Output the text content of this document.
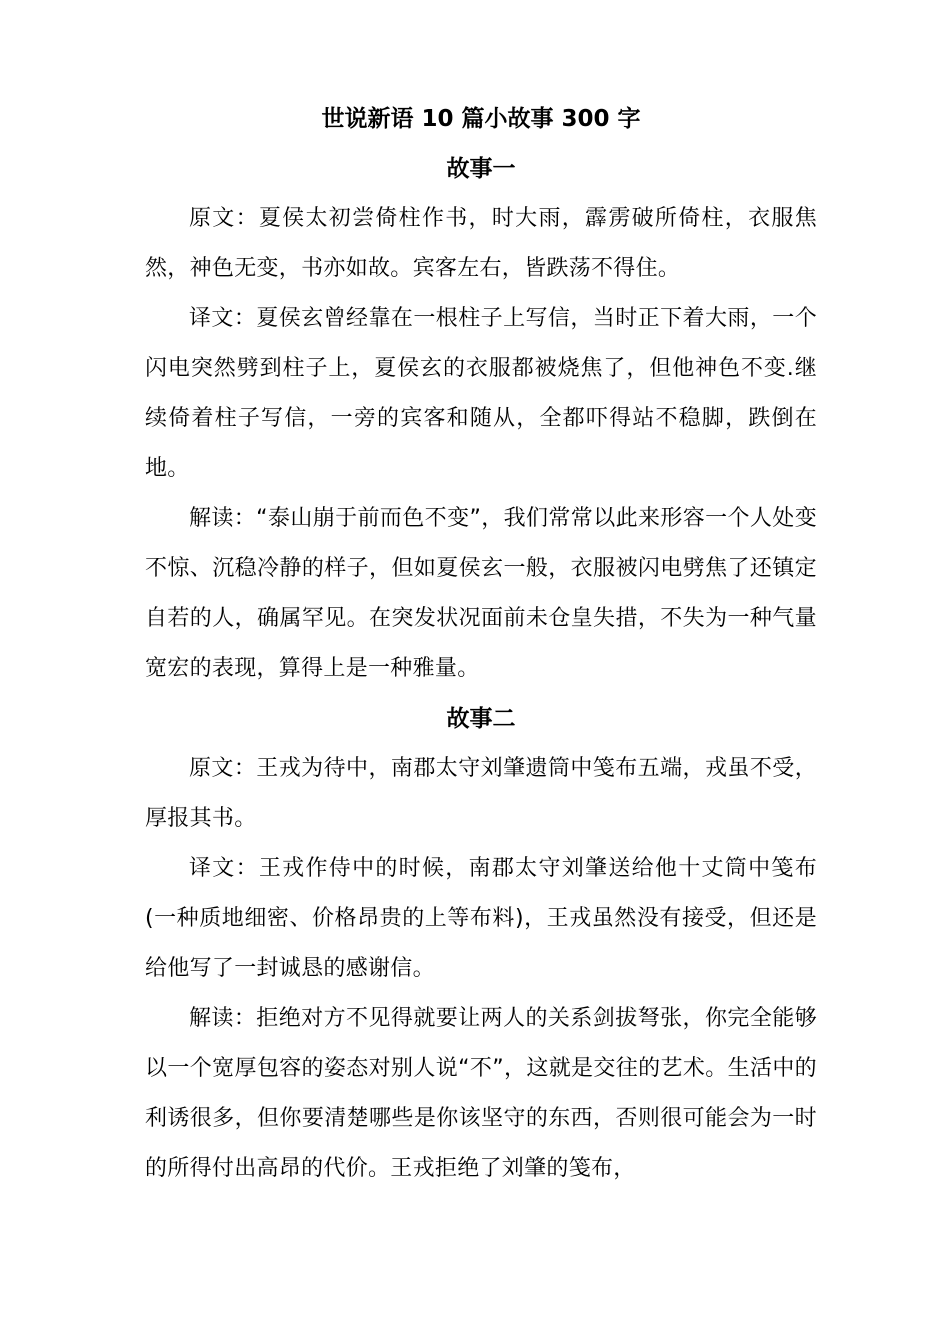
世说新语 10 篇小故事 300 字
故事一

原文：夏侯太初尝倚柱作书，时大雨，霹雳破所倚柱，衣服焦然，神色无变，书亦如故。宾客左右，皆跌荡不得住。

译文：夏侯玄曾经靠在一根柱子上写信，当时正下着大雨，一个闪电突然劈到柱子上，夏侯玄的衣服都被烧焦了，但他神色不变.继续倚着柱子写信，一旁的宾客和随从，全都吓得站不稳脚，跌倒在地。

解读：“泰山崩于前而色不变”，我们常常以此来形容一个人处变不惊、沉稳冷静的样子，但如夏侯玄一般，衣服被闪电劈焦了还镇定自若的人，确属罕见。在突发状况面前未仓皇失措，不失为一种气量宽宏的表现，算得上是一种雅量。

故事二

原文：王戎为待中，南郡太守刘肇遗筒中笺布五端，戎虽不受，厚报其书。

译文：王戎作侍中的时候，南郡太守刘肇送给他十丈筒中笺布(一种质地细密、价格昂贵的上等布料)，王戎虽然没有接受，但还是给他写了一封诚恳的感谢信。

解读：拒绝对方不见得就要让两人的关系剑拔弩张，你完全能够以一个宽厚包容的姿态对别人说“不”，这就是交往的艺术。生活中的利诱很多，但你要清楚哪些是你该坚守的东西，否则很可能会为一时的所得付出高昂的代价。王戎拒绝了刘肇的笺布，
